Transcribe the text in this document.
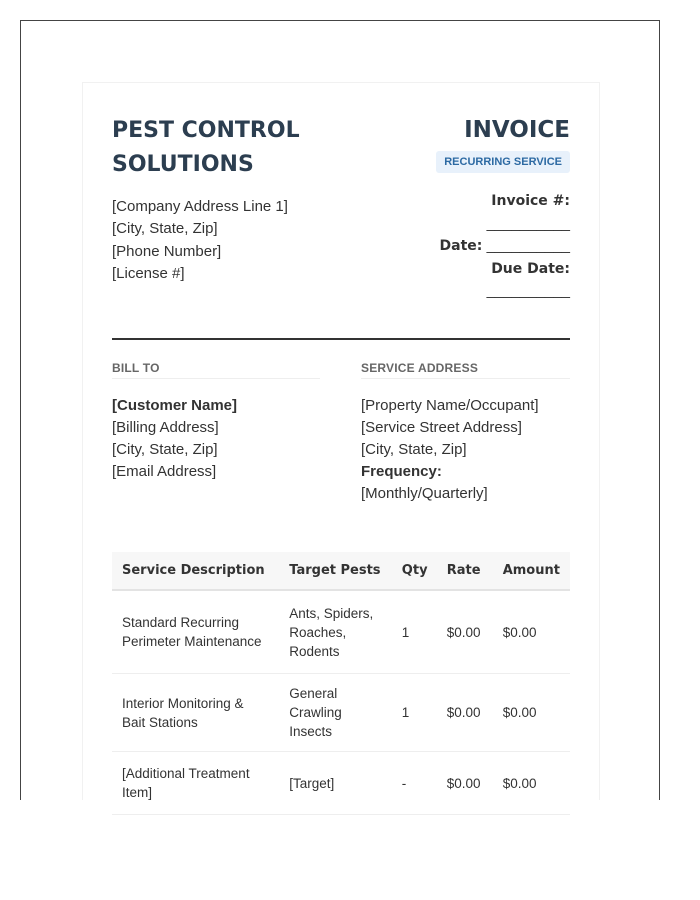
PEST CONTROL SOLUTIONS
[Company Address Line 1]
[City, State, Zip]
[Phone Number]
[License #]
INVOICE
RECURRING SERVICE
Invoice #:
__________
Date: __________
Due Date:
__________
BILL TO	SERVICE ADDRESS
[Customer Name]
[Billing Address]
[City, State, Zip]
[Email Address]
[Property Name/Occupant]
[Service Street Address]
[City, State, Zip]
Frequency:
[Monthly/Quarterly]
Service Description	Target Pests	Qty	Rate	Amount
Standard Recurring Perimeter Maintenance	Ants, Spiders, Roaches, Rodents	1	$0.00	$0.00
Interior Monitoring & Bait Stations	General Crawling Insects	1	$0.00	$0.00
[Additional Treatment Item]	[Target]	-	$0.00	$0.00
